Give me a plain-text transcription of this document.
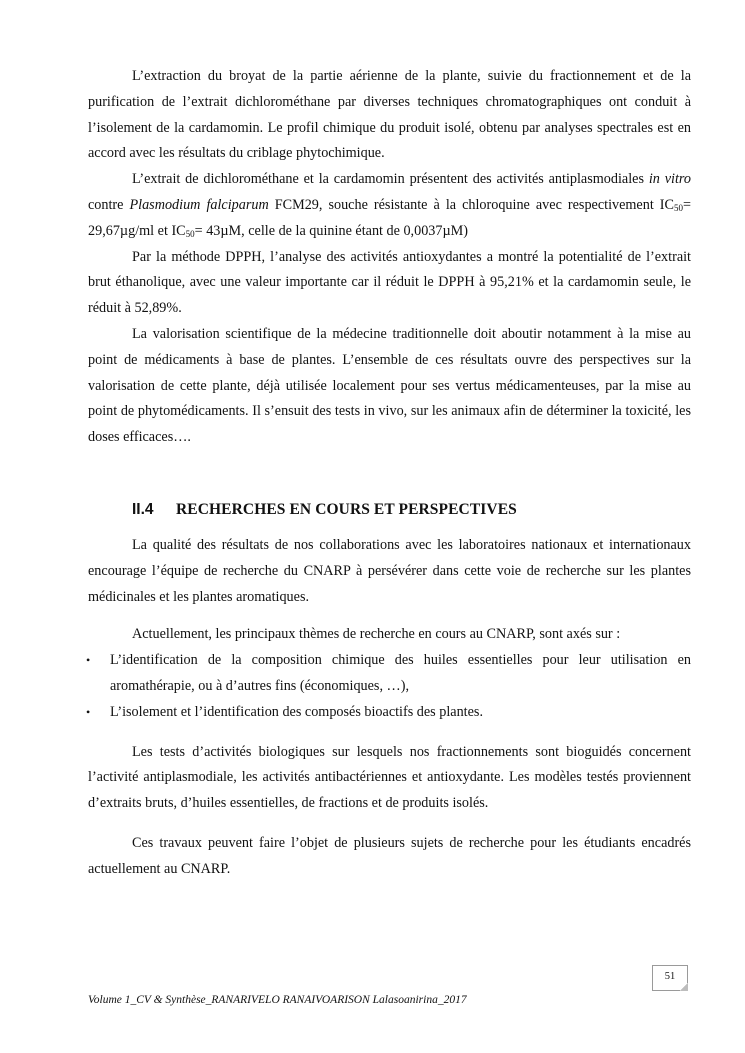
L’extraction du broyat de la partie aérienne de la plante, suivie du fractionnement et de la purification de l’extrait dichlorométhane par diverses techniques chromatographiques ont conduit à l’isolement de la cardamomin. Le profil chimique du produit isolé, obtenu par analyses spectrales est en accord avec les résultats du criblage phytochimique.

L’extrait de dichlorométhane et la cardamomin présentent des activités antiplasmodiales in vitro contre Plasmodium falciparum FCM29, souche résistante à la chloroquine avec respectivement $IC_{50}= 29,67\mu g/ml$ et $IC_{50}= 43\mu M$, celle de la quinine étant de 0,0037µM)

Par la méthode DPPH, l’analyse des activités antioxydantes a montré la potentialité de l’extrait brut éthanolique, avec une valeur importante car il réduit le DPPH à 95,21% et la cardamomin seule, le réduit à 52,89%.

La valorisation scientifique de la médecine traditionnelle doit aboutir notamment à la mise au point de médicaments à base de plantes. L’ensemble de ces résultats ouvre des perspectives sur la valorisation de cette plante, déjà utilisée localement pour ses vertus médicamenteuses, par la mise au point de phytomédicaments. Il s’ensuit des tests in vivo, sur les animaux afin de déterminer la toxicité, les doses efficaces….

II.4	RECHERCHES EN COURS ET PERSPECTIVES

La qualité des résultats de nos collaborations avec les laboratoires nationaux et internationaux encourage l’équipe de recherche du CNARP à persévérer dans cette voie de recherche sur les plantes médicinales et les plantes aromatiques.

Actuellement, les principaux thèmes de recherche en cours au CNARP, sont axés sur :

• L’identification de la composition chimique des huiles essentielles pour leur utilisation en aromathérapie, ou à d’autres fins (économiques, …),
• L’isolement et l’identification des composés bioactifs des plantes.

Les tests d’activités biologiques sur lesquels nos fractionnements sont bioguidés concernent l’activité antiplasmodiale, les activités antibactériennes et antioxydante. Les modèles testés proviennent d’extraits bruts, d’huiles essentielles, de fractions et de produits isolés.

Ces travaux peuvent faire l’objet de plusieurs sujets de recherche pour les étudiants encadrés actuellement au CNARP.

51
Volume 1_CV & Synthèse_RANARIVELO RANAIVOARISON Lalasoanirina_2017
